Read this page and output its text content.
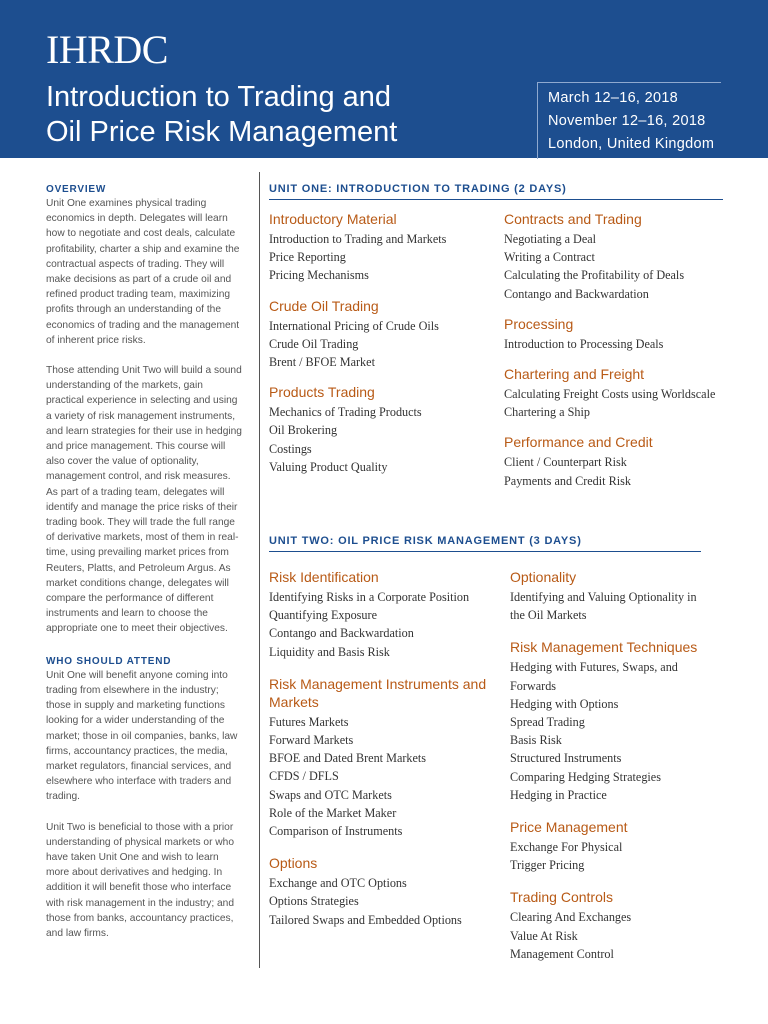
IHRDC
Introduction to Trading and
Oil Price Risk Management
March 12–16, 2018
November 12–16, 2018
London, United Kingdom
OVERVIEW

Unit One examines physical trading economics in depth. Delegates will learn how to negotiate and cost deals, calculate profitability, charter a ship and examine the contractual aspects of trading. They will make decisions as part of a crude oil and refined product trading team, maximizing profits through an understanding of the economics of trading and the management of inherent price risks.

Those attending Unit Two will build a sound understanding of the markets, gain practical experience in selecting and using a variety of risk management instruments, and learn strategies for their use in hedging and price management. This course will also cover the value of optionality, management control, and risk measures. As part of a trading team, delegates will identify and manage the price risks of their trading book. They will trade the full range of derivative markets, most of them in real-time, using prevailing market prices from Reuters, Platts, and Petroleum Argus. As market conditions change, delegates will compare the performance of different instruments and learn to choose the appropriate one to meet their objectives.

WHO SHOULD ATTEND

Unit One will benefit anyone coming into trading from elsewhere in the industry; those in supply and marketing functions looking for a wider understanding of the market; those in oil companies, banks, law firms, accountancy practices, the media, market regulators, financial services, and elsewhere who interface with traders and trading.

Unit Two is beneficial to those with a prior understanding of physical markets or who have taken Unit One and wish to learn more about derivatives and hedging. In addition it will benefit those who interface with risk management in the industry; and those from banks, accountancy practices, and law firms.

UNIT ONE: INTRODUCTION TO TRADING (2 DAYS)
Introductory Material
Introduction to Trading and Markets
Price Reporting
Pricing Mechanisms
Crude Oil Trading
International Pricing of Crude Oils
Crude Oil Trading
Brent / BFOE Market
Products Trading
Mechanics of Trading Products
Oil Brokering
Costings
Valuing Product Quality
Contracts and Trading
Negotiating a Deal
Writing a Contract
Calculating the Profitability of Deals
Contango and Backwardation
Processing
Introduction to Processing Deals
Chartering and Freight
Calculating Freight Costs using Worldscale
Chartering a Ship
Performance and Credit
Client / Counterpart Risk
Payments and Credit Risk
UNIT TWO: OIL PRICE RISK MANAGEMENT (3 DAYS)
Risk Identification
Identifying Risks in a Corporate Position
Quantifying Exposure
Contango and Backwardation
Liquidity and Basis Risk
Risk Management Instruments and Markets
Futures Markets
Forward Markets
BFOE and Dated Brent Markets
CFDS / DFLS
Swaps and OTC Markets
Role of the Market Maker
Comparison of Instruments
Options
Exchange and OTC Options
Options Strategies
Tailored Swaps and Embedded Options
Optionality
Identifying and Valuing Optionality in the Oil Markets
Risk Management Techniques
Hedging with Futures, Swaps, and Forwards
Hedging with Options
Spread Trading
Basis Risk
Structured Instruments
Comparing Hedging Strategies
Hedging in Practice
Price Management
Exchange For Physical
Trigger Pricing
Trading Controls
Clearing And Exchanges
Value At Risk
Management Control
